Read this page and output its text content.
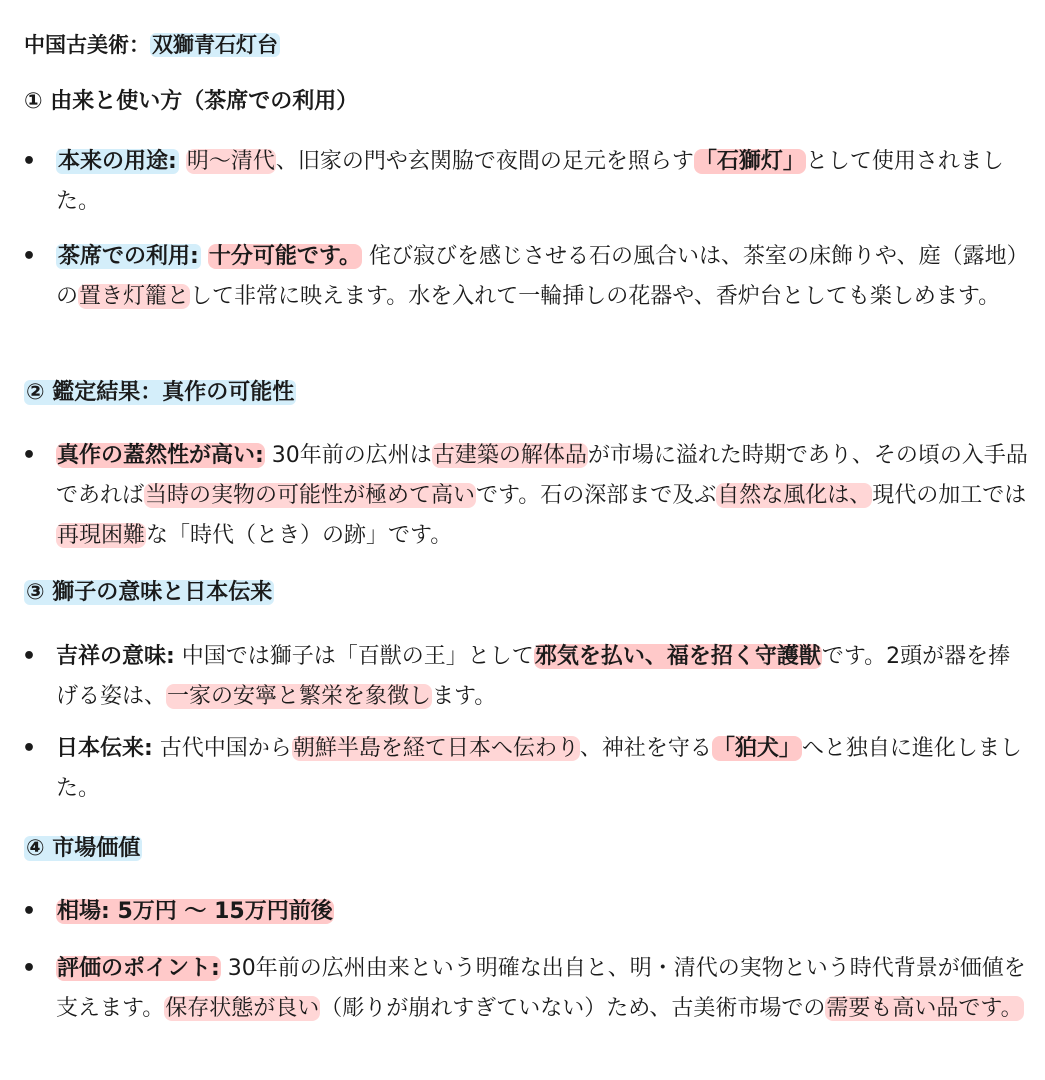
中国古美術：双獅青石灯台
① 由来と使い方（茶席での利用）
• 本来の用途: 明〜清代、旧家の門や玄関脇で夜間の足元を照らす「石獅灯」として使用されました。
• 茶席での利用: 十分可能です。 侘び寂びを感じさせる石の風合いは、茶室の床飾りや、庭（露地）の置き灯籠として非常に映えます。水を入れて一輪挿しの花器や、香炉台としても楽しめます。
② 鑑定結果：真作の可能性
• 真作の蓋然性が高い: 30年前の広州は古建築の解体品が市場に溢れた時期であり、その頃の入手品であれば当時の実物の可能性が極めて高いです。石の深部まで及ぶ自然な風化は、現代の加工では再現困難な「時代（とき）の跡」です。
③ 獅子の意味と日本伝来
• 吉祥の意味: 中国では獅子は「百獣の王」として邪気を払い、福を招く守護獣です。2頭が器を捧げる姿は、一家の安寧と繁栄を象徴します。
• 日本伝来: 古代中国から朝鮮半島を経て日本へ伝わり、神社を守る「狛犬」へと独自に進化しました。
④ 市場価値
• 相場: 5万円 〜 15万円前後
• 評価のポイント: 30年前の広州由来という明確な出自と、明・清代の実物という時代背景が価値を支えます。保存状態が良い（彫りが崩れすぎていない）ため、古美術市場での需要も高い品です。
